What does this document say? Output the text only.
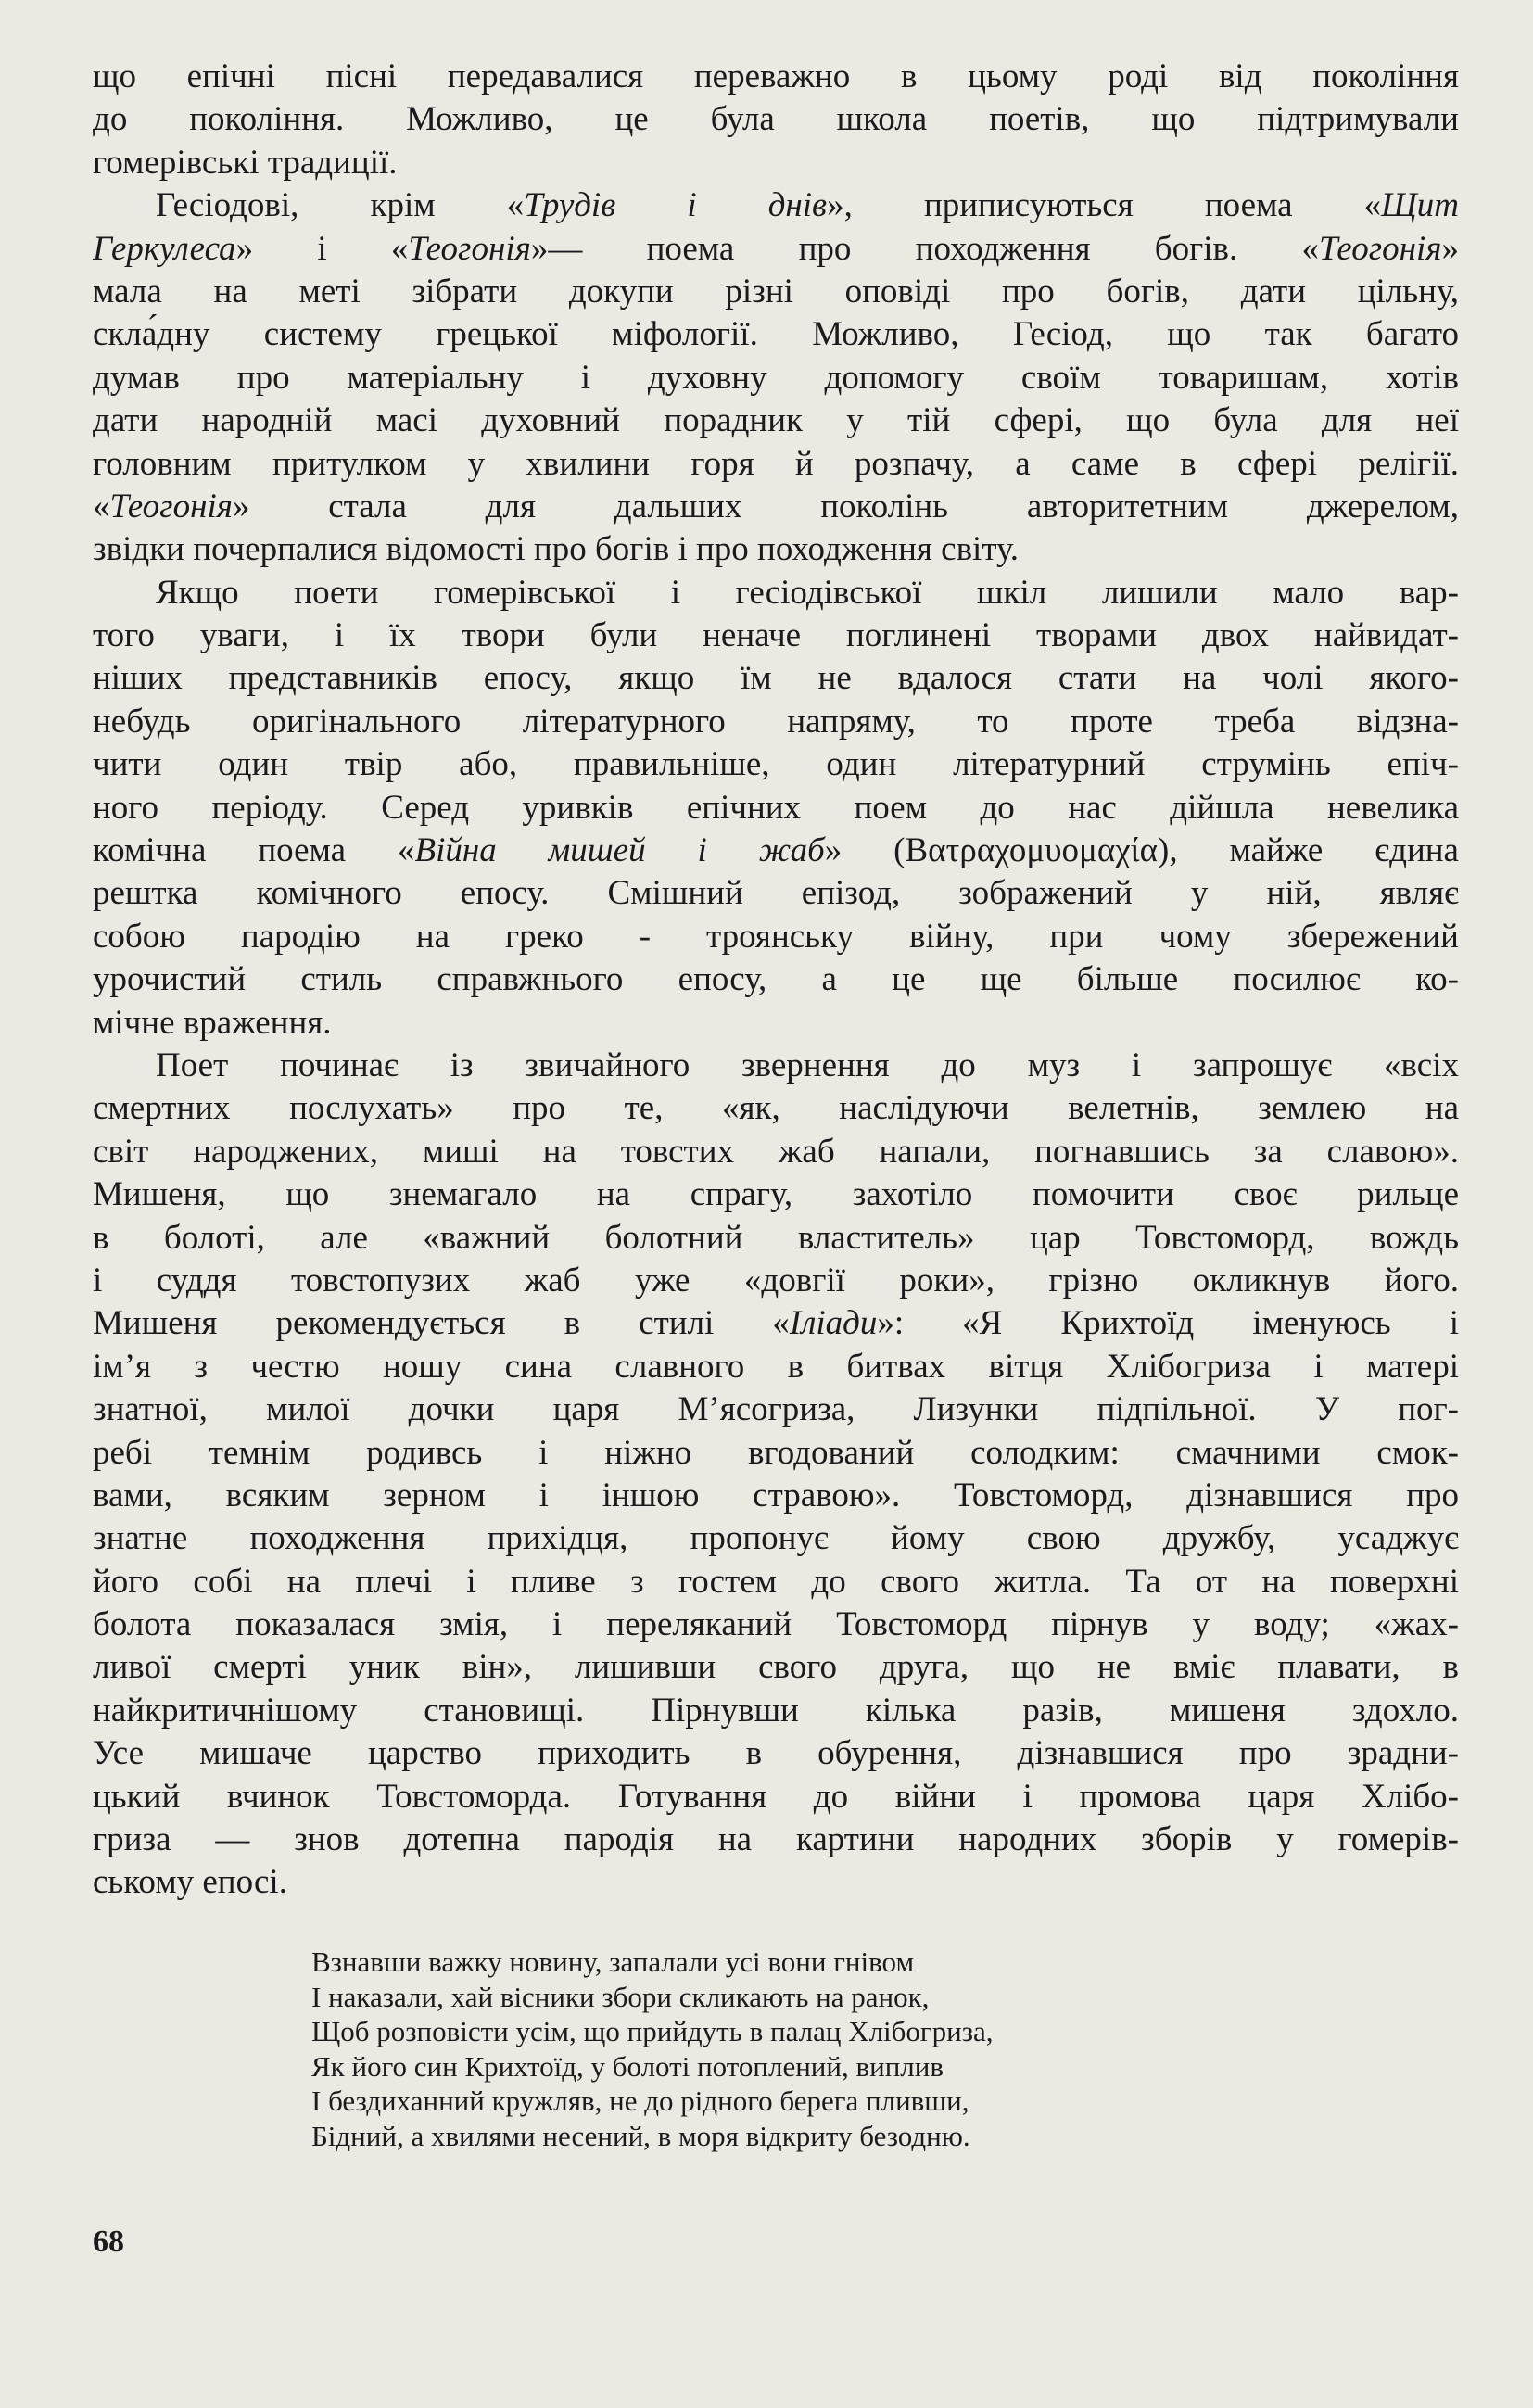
що епічні пісні передавалися переважно в цьому роді від покоління
до покоління. Можливо, це була школа поетів, що підтримували
гомерівські традиції.
Гесіодові, крім «Трудів і днів», приписуються поема «Щит
Геркулеса» і «Теогонія»— поема про походження богів. «Теогонія»
мала на меті зібрати докупи різні оповіді про богів, дати цільну,
скла́дну систему грецької міфології. Можливо, Гесіод, що так багато
думав про матеріальну і духовну допомогу своїм товаришам, хотів
дати народній масі духовний порадник у тій сфері, що була для неї
головним притулком у хвилини горя й розпачу, а саме в сфері релігії.
«Теогонія» стала для дальших поколінь авторитетним джерелом,
звідки почерпалися відомості про богів і про походження світу.
Якщо поети гомерівської і гесіодівської шкіл лишили мало вар-
того уваги, і їх твори були неначе поглинені творами двох найвидат-
ніших представників епосу, якщо їм не вдалося стати на чолі якого-
небудь оригінального літературного напряму, то проте треба відзна-
чити один твір або, правильніше, один літературний струмінь епіч-
ного періоду. Серед уривків епічних поем до нас дійшла невелика
комічна поема «Війна мишей і жаб» (Βατραχομυομαχία), майже єдина
рештка комічного епосу. Смішний епізод, зображений у ній, являє
собою пародію на греко - троянську війну, при чому збережений
урочистий стиль справжнього епосу, а це ще більше посилює ко-
мічне враження.
Поет починає із звичайного звернення до муз і запрошує «всіх
смертних послухать» про те, «як, наслідуючи велетнів, землею на
світ народжених, миші на товстих жаб напали, погнавшись за славою».
Мишеня, що знемагало на спрагу, захотіло помочити своє рильце
в болоті, але «важний болотний властитель» цар Товстоморд, вождь
і суддя товстопузих жаб уже «довгії роки», грізно окликнув його.
Мишеня рекомендується в стилі «Іліади»: «Я Крихтоїд іменуюсь і
ім’я з честю ношу сина славного в битвах вітця Хлібогриза і матері
знатної, милої дочки царя М’ясогриза, Лизунки підпільної. У пог-
ребі темнім родивсь і ніжно вгодований солодким: смачними смок-
вами, всяким зерном і іншою стравою». Товстоморд, дізнавшися про
знатне походження прихідця, пропонує йому свою дружбу, усаджує
його собі на плечі і пливе з гостем до свого житла. Та от на поверхні
болота показалася змія, і переляканий Товстоморд пірнув у воду; «жах-
ливої смерті уник він», лишивши свого друга, що не вміє плавати, в
найкритичнішому становищі. Пірнувши кілька разів, мишеня здохло.
Усе мишаче царство приходить в обурення, дізнавшися про зрадни-
цький вчинок Товстоморда. Готування до війни і промова царя Хлібо-
гриза — знов дотепна пародія на картини народних зборів у гомерів-
ському епосі.
Взнавши важку новину, запалали усі вони гнівом
І наказали, хай вісники збори скликають на ранок,
Щоб розповісти усім, що прийдуть в палац Хлібогриза,
Як його син Крихтоїд, у болоті потоплений, виплив
І бездиханний кружляв, не до рідного берега пливши,
Бідний, а хвилями несений, в моря відкриту безодню.
68
